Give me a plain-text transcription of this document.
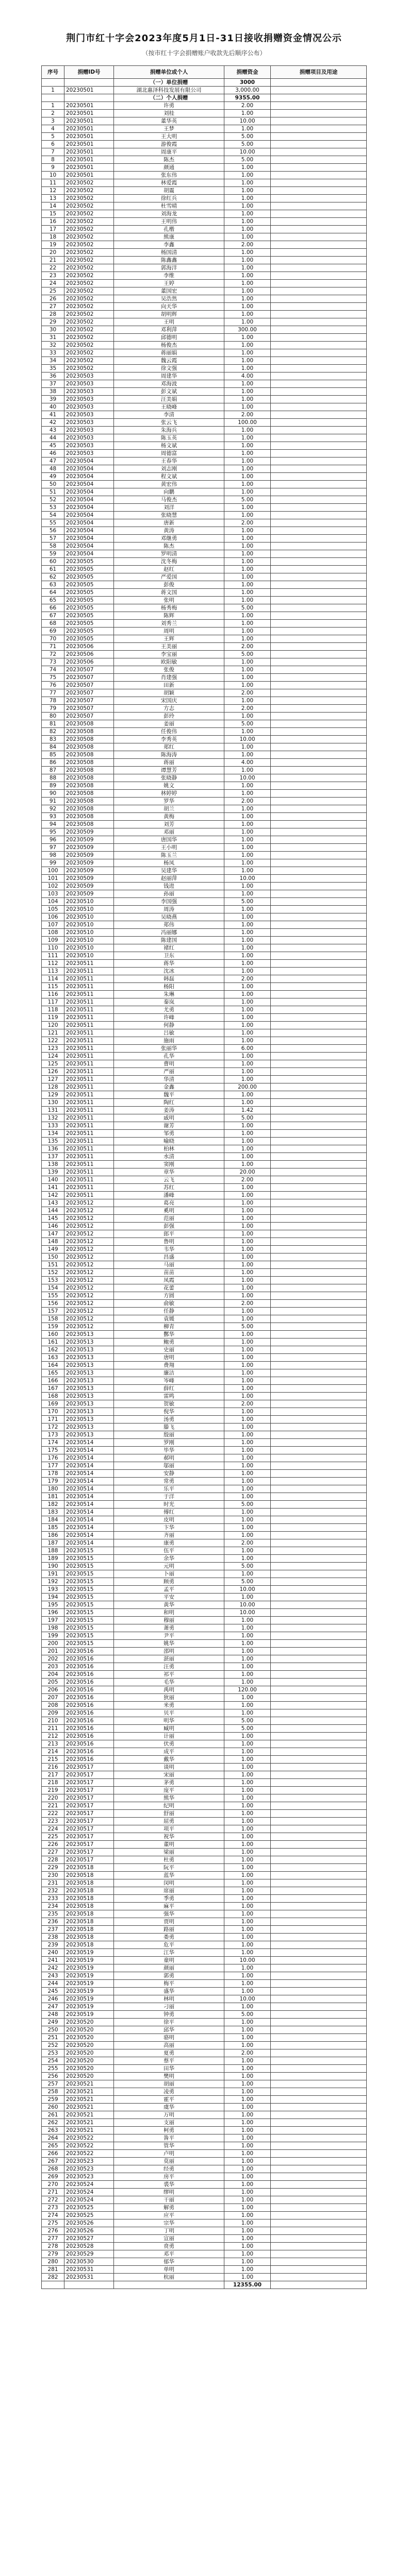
荆门市红十字会2023年度5月1日-31日接收捐赠资金情况公示
（按市红十字会捐赠账户收款先后顺序公布）
序号	捐赠ID号	捐赠单位或个人	捐赠资金	捐赠项目及用途
		（一）单位捐赠	3000	
1	20230501	湖北惠泽科技发展有限公司	3,000.00	
		（二）个人捐赠	9355.00	
1	20230501	许勇	2.00	
2	20230501	刘桂	1.00	
3	20230501	董华英	10.00	
4	20230501	王梦	1.00	
5	20230501	王大明	5.00	
6	20230501	游俊霞	5.00	
7	20230501	周康平	10.00	
8	20230501	陈杰	5.00	
9	20230501	颜通	1.00	
10	20230501	张东伟	1.00	
11	20230502	林爱霞	1.00	
12	20230502	胡震	1.00	
13	20230502	徐红兵	1.00	
14	20230502	杜雪晴	1.00	
15	20230502	刘海龙	1.00	
16	20230502	王明伟	1.00	
17	20230502	孔楷	1.00	
18	20230502	熊康	1.00	
19	20230502	李鑫	2.00	
20	20230502	杨国清	1.00	
21	20230502	陈鑫鑫	1.00	
22	20230502	郭海洋	1.00	
23	20230502	李维	1.00	
24	20230502	王婷	1.00	
25	20230502	董国宏	1.00	
26	20230502	吴浩然	1.00	
27	20230502	向天华	1.00	
28	20230502	胡明辉	1.00	
29	20230502	王明	1.00	
30	20230502	邓利萍	300.00	
31	20230502	邱德明	1.00	
32	20230502	杨俊杰	1.00	
33	20230502	蒋丽娟	1.00	
34	20230502	魏云霞	1.00	
35	20230502	徐文强	1.00	
36	20230503	周建华	4.00	
37	20230503	邓海波	1.00	
38	20230503	彭文斌	1.00	
39	20230503	汪美娟	1.00	
40	20230503	王晓峰	1.00	
41	20230503	李清	2.00	
42	20230503	张云飞	100.00	
43	20230503	朱海兵	1.00	
44	20230503	陈玉英	1.00	
45	20230503	杨文斌	1.00	
46	20230503	周德富	1.00	
47	20230504	王春华	1.00	
48	20230504	刘志刚	1.00	
49	20230504	程文斌	1.00	
50	20230504	黄宏伟	1.00	
51	20230504	向鹏	1.00	
52	20230504	马俊杰	5.00	
53	20230504	刘洋	1.00	
54	20230504	张晓慧	1.00	
55	20230504	唐新	2.00	
56	20230504	黄涛	1.00	
57	20230504	邓继勇	1.00	
58	20230504	陈杰	1.00	
59	20230504	罗明清	1.00	
60	20230505	沈冬梅	1.00	
61	20230505	赵红	1.00	
62	20230505	严爱国	1.00	
63	20230505	彭俊	1.00	
64	20230505	蒋文国	1.00	
65	20230505	张明	1.00	
66	20230505	杨秀梅	5.00	
67	20230505	陈辉	1.00	
68	20230505	刘秀兰	1.00	
69	20230505	周明	1.00	
70	20230505	王辉	1.00	
71	20230506	王美丽	2.00	
72	20230506	李宝丽	5.00	
73	20230506	欧阳敏	1.00	
74	20230507	张俊	1.00	
75	20230507	肖建强	1.00	
76	20230507	田新	1.00	
77	20230507	胡颖	2.00	
78	20230507	宋国庆	1.00	
79	20230507	方志	2.00	
80	20230507	彭玲	1.00	
81	20230508	姜丽	5.00	
82	20230508	任俊伟	1.00	
83	20230508	李秀英	10.00	
84	20230508	郑红	1.00	
85	20230508	陈海涛	1.00	
86	20230508	蒋丽	4.00	
87	20230508	谭慧芳	1.00	
88	20230508	张晓静	10.00	
89	20230508	姚文	1.00	
90	20230508	林婷婷	1.00	
91	20230508	罗华	2.00	
92	20230508	胡兰	1.00	
93	20230508	黄梅	1.00	
94	20230508	刘芳	1.00	
95	20230509	邓丽	1.00	
96	20230509	唐国华	1.00	
97	20230509	王小明	1.00	
98	20230509	陈玉兰	1.00	
99	20230509	杨凤	1.00	
100	20230509	吴建华	1.00	
101	20230509	赵丽萍	10.00	
102	20230509	钱进	1.00	
103	20230509	孙丽	1.00	
104	20230510	李国强	5.00	
105	20230510	周涛	1.00	
106	20230510	吴晓燕	1.00	
107	20230510	郑伟	1.00	
108	20230510	冯丽娜	1.00	
109	20230510	陈建国	1.00	
110	20230510	褚红	1.00	
111	20230510	卫东	1.00	
112	20230511	蒋华	1.00	
113	20230511	沈冰	1.00	
114	20230511	韩磊	2.00	
115	20230511	杨阳	1.00	
116	20230511	朱琳	1.00	
117	20230511	秦岚	1.00	
118	20230511	尤勇	1.00	
119	20230511	许峰	1.00	
120	20230511	何静	1.00	
121	20230511	吕敏	1.00	
122	20230511	施雨	1.00	
123	20230511	张丽华	6.00	
124	20230511	孔华	1.00	
125	20230511	曹明	1.00	
126	20230511	严丽	1.00	
127	20230511	华清	1.00	
128	20230511	金鑫	200.00	
129	20230511	魏平	1.00	
130	20230511	陶红	1.00	
131	20230511	姜涛	1.42	
132	20230511	戚明	5.00	
133	20230511	谢芳	1.00	
134	20230511	邹勇	1.00	
135	20230511	喻晓	1.00	
136	20230511	柏林	1.00	
137	20230511	水清	1.00	
138	20230511	窦刚	1.00	
139	20230511	章华	20.00	
140	20230511	云飞	2.00	
141	20230511	苏红	1.00	
142	20230511	潘峰	1.00	
143	20230512	葛亮	1.00	
144	20230512	奚明	1.00	
145	20230512	范丽	1.00	
146	20230512	彭强	1.00	
147	20230512	郎平	1.00	
148	20230512	鲁明	1.00	
149	20230512	韦华	1.00	
150	20230512	昌盛	1.00	
151	20230512	马丽	1.00	
152	20230512	苗苗	1.00	
153	20230512	凤霞	1.00	
154	20230512	花蕾	1.00	
155	20230512	方圆	1.00	
156	20230512	俞敏	2.00	
157	20230512	任静	1.00	
158	20230512	袁媛	1.00	
159	20230512	柳青	5.00	
160	20230513	酆华	1.00	
161	20230513	鲍勇	1.00	
162	20230513	史丽	1.00	
163	20230513	唐明	1.00	
164	20230513	费翔	1.00	
165	20230513	廉洁	1.00	
166	20230513	岑峰	1.00	
167	20230513	薛红	1.00	
168	20230513	雷鸣	1.00	
169	20230513	贺敏	2.00	
170	20230513	倪华	1.00	
171	20230513	汤勇	1.00	
172	20230513	滕飞	1.00	
173	20230513	殷丽	1.00	
174	20230514	罗刚	1.00	
175	20230514	毕华	1.00	
176	20230514	郝明	1.00	
177	20230514	邬丽	1.00	
178	20230514	安静	1.00	
179	20230514	常勇	1.00	
180	20230514	乐平	1.00	
181	20230514	于洋	1.00	
182	20230514	时光	5.00	
183	20230514	傅红	1.00	
184	20230514	皮明	1.00	
185	20230514	卞华	1.00	
186	20230514	齐丽	1.00	
187	20230514	康勇	2.00	
188	20230515	伍平	1.00	
189	20230515	余华	1.00	
190	20230515	元明	5.00	
191	20230515	卜丽	1.00	
192	20230515	顾勇	5.00	
193	20230515	孟平	10.00	
194	20230515	平安	1.00	
195	20230515	黄华	10.00	
196	20230515	和明	10.00	
197	20230515	穆丽	1.00	
198	20230515	萧勇	1.00	
199	20230515	尹平	1.00	
200	20230515	姚华	1.00	
201	20230516	邵明	1.00	
202	20230516	湛丽	1.00	
203	20230516	汪勇	1.00	
204	20230516	祁平	1.00	
205	20230516	毛华	1.00	
206	20230516	禹明	120.00	
207	20230516	狄丽	1.00	
208	20230516	米勇	1.00	
209	20230516	贝平	1.00	
210	20230516	明华	5.00	
211	20230516	臧明	5.00	
212	20230516	计丽	1.00	
213	20230516	伏勇	1.00	
214	20230516	成平	1.00	
215	20230516	戴华	1.00	
216	20230517	谈明	1.00	
217	20230517	宋丽	1.00	
218	20230517	茅勇	1.00	
219	20230517	庞平	1.00	
220	20230517	熊华	1.00	
221	20230517	纪明	1.00	
222	20230517	舒丽	1.00	
223	20230517	屈勇	1.00	
224	20230517	项平	1.00	
225	20230517	祝华	1.00	
226	20230517	董明	1.00	
227	20230517	梁丽	1.00	
228	20230517	杜勇	1.00	
229	20230518	阮平	1.00	
230	20230518	蓝华	1.00	
231	20230518	闵明	1.00	
232	20230518	席丽	1.00	
233	20230518	季勇	1.00	
234	20230518	麻平	1.00	
235	20230518	强华	1.00	
236	20230518	贾明	1.00	
237	20230518	路丽	1.00	
238	20230518	娄勇	1.00	
239	20230518	危平	1.00	
240	20230519	江华	1.00	
241	20230519	童明	10.00	
242	20230519	颜丽	1.00	
243	20230519	郭勇	1.00	
244	20230519	梅平	1.00	
245	20230519	盛华	1.00	
246	20230519	林明	10.00	
247	20230519	刁丽	1.00	
248	20230519	钟勇	5.00	
249	20230520	徐平	1.00	
250	20230520	邱华	1.00	
251	20230520	骆明	1.00	
252	20230520	高丽	1.00	
253	20230520	夏勇	2.00	
254	20230520	蔡平	1.00	
255	20230520	田华	1.00	
256	20230520	樊明	1.00	
257	20230521	胡丽	1.00	
258	20230521	凌勇	1.00	
259	20230521	霍平	1.00	
260	20230521	虞华	1.00	
261	20230521	万明	1.00	
262	20230521	支丽	1.00	
263	20230521	柯勇	1.00	
264	20230522	昝平	1.00	
265	20230522	管华	1.00	
266	20230522	卢明	1.00	
267	20230523	莫丽	1.00	
268	20230523	经勇	1.00	
269	20230523	房平	1.00	
270	20230524	裘华	1.00	
271	20230524	缪明	1.00	
272	20230524	干丽	1.00	
273	20230525	解勇	1.00	
274	20230525	应平	1.00	
275	20230526	宗华	1.00	
276	20230526	丁明	1.00	
277	20230527	宣丽	1.00	
278	20230528	贲勇	1.00	
279	20230529	邓平	1.00	
280	20230530	郁华	1.00	
281	20230531	单明	1.00	
282	20230531	杭丽	1.00	
			12355.00	
